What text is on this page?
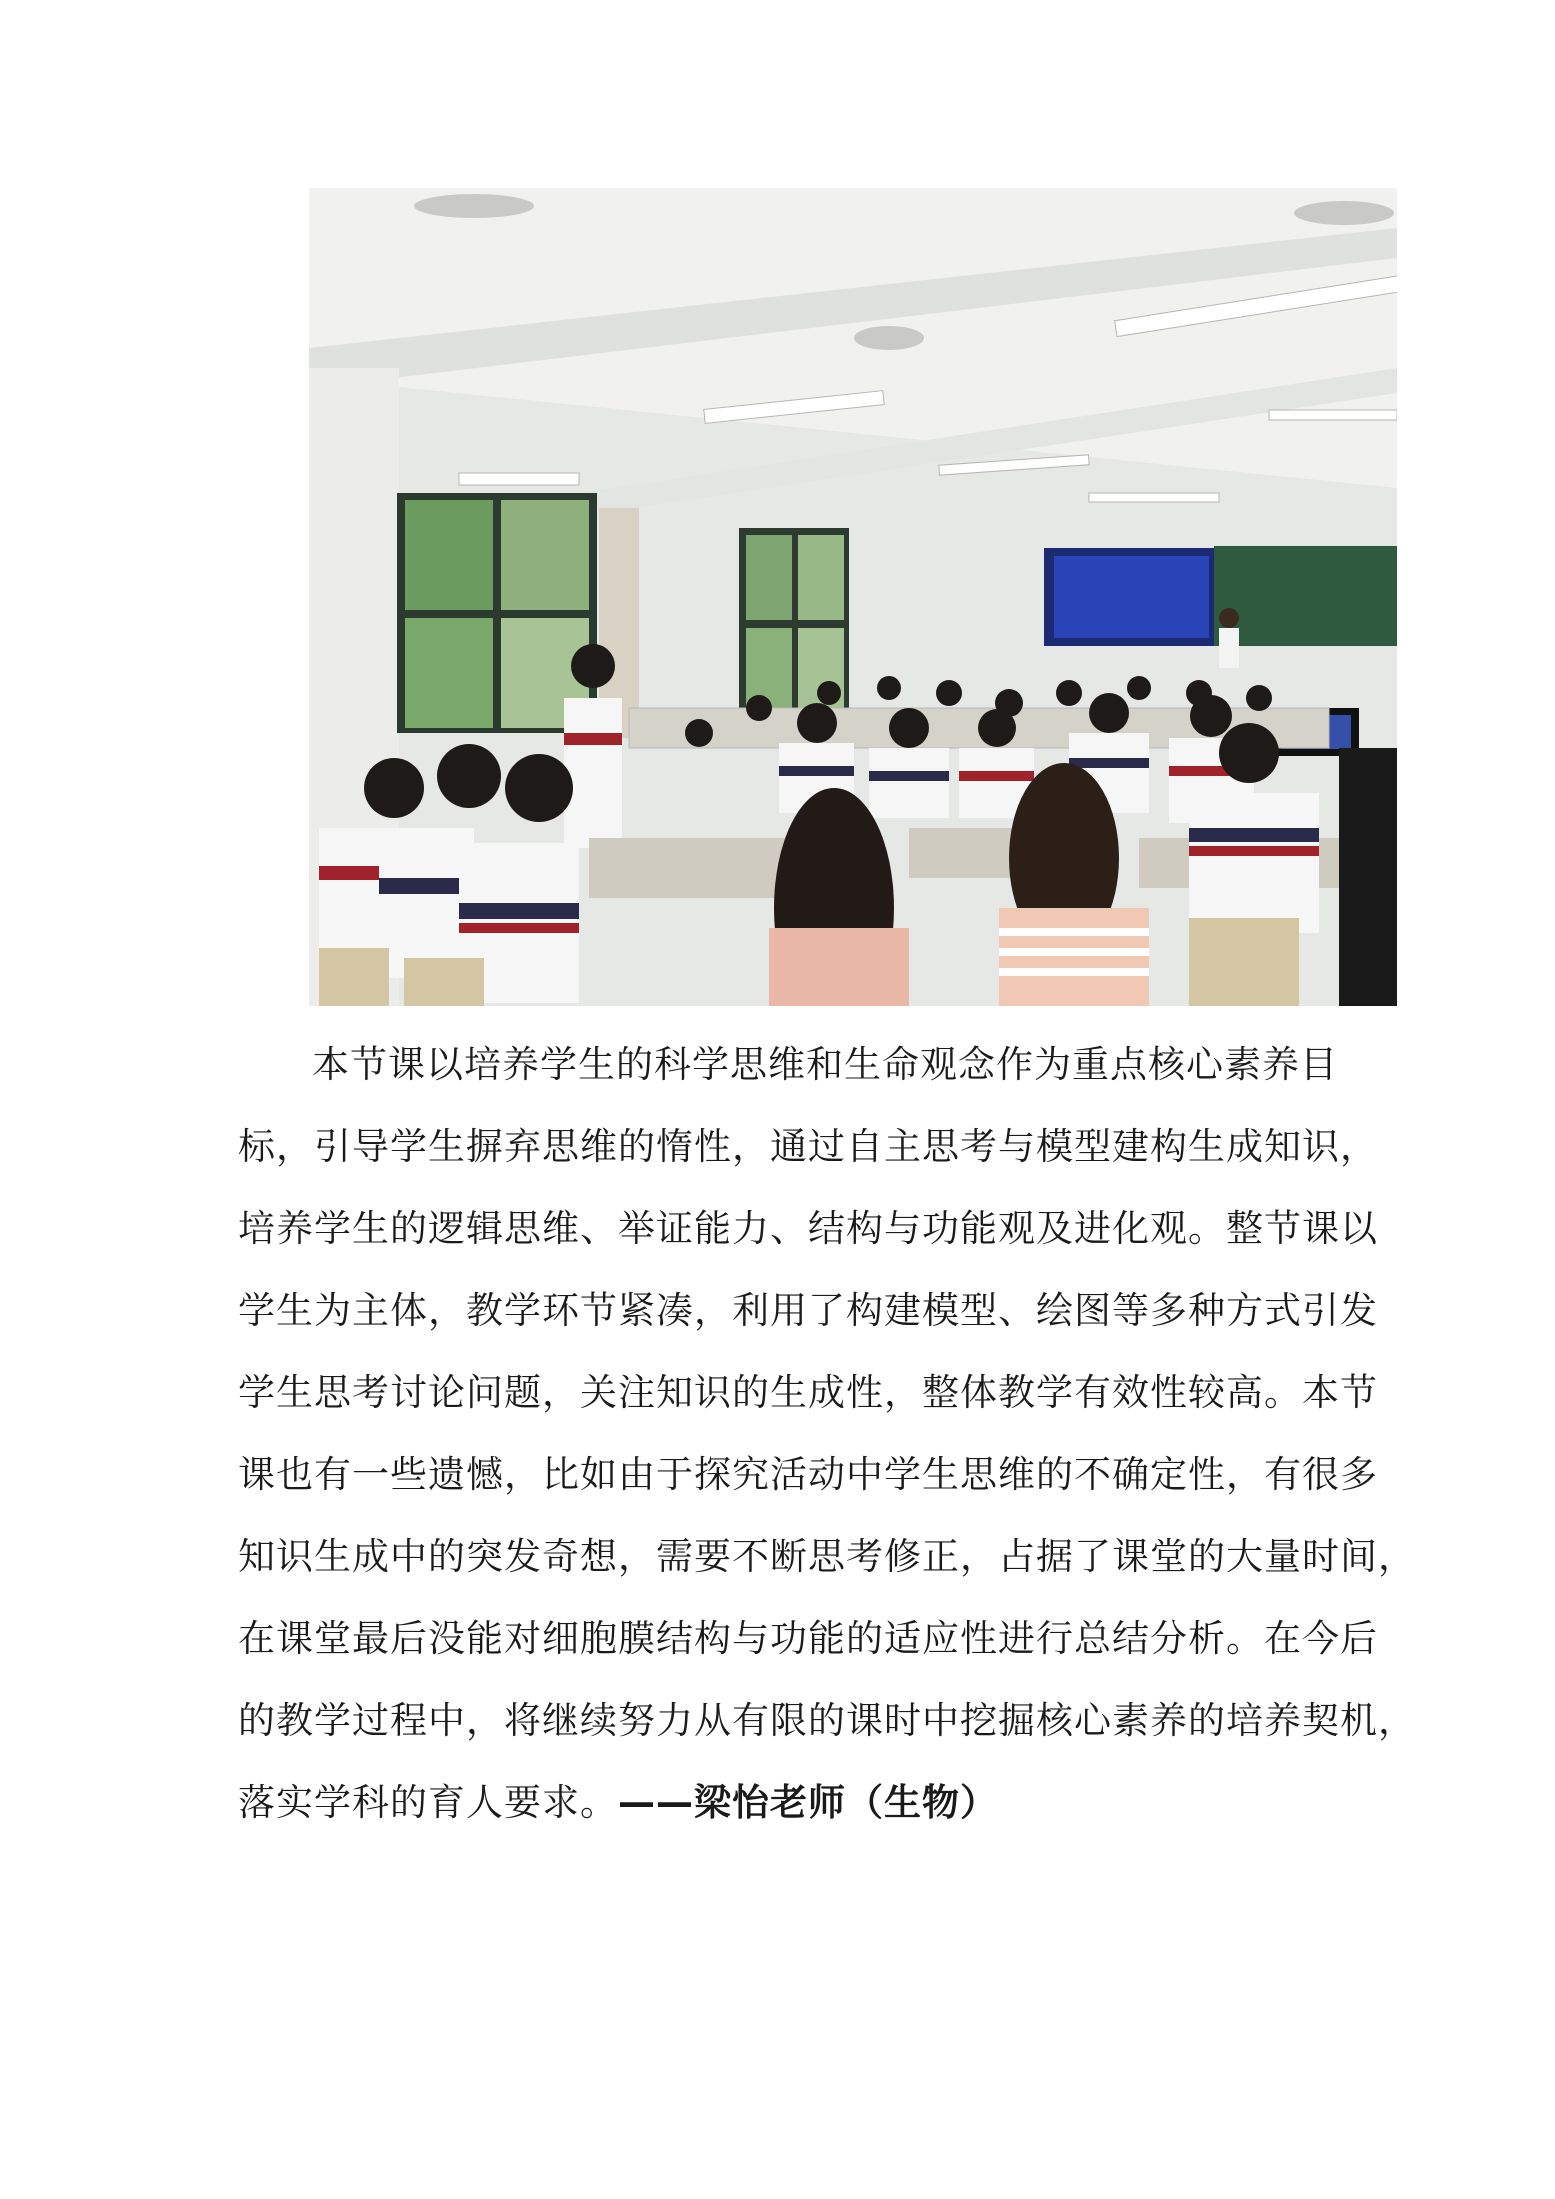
本节课以培养学生的科学思维和生命观念作为重点核心素养目
标，引导学生摒弃思维的惰性，通过自主思考与模型建构生成知识，
培养学生的逻辑思维、举证能力、结构与功能观及进化观。整节课以
学生为主体，教学环节紧凑，利用了构建模型、绘图等多种方式引发
学生思考讨论问题，关注知识的生成性，整体教学有效性较高。本节
课也有一些遗憾，比如由于探究活动中学生思维的不确定性，有很多
知识生成中的突发奇想，需要不断思考修正，占据了课堂的大量时间，
在课堂最后没能对细胞膜结构与功能的适应性进行总结分析。在今后
的教学过程中，将继续努力从有限的课时中挖掘核心素养的培养契机，
落实学科的育人要求。——梁怡老师（生物）
